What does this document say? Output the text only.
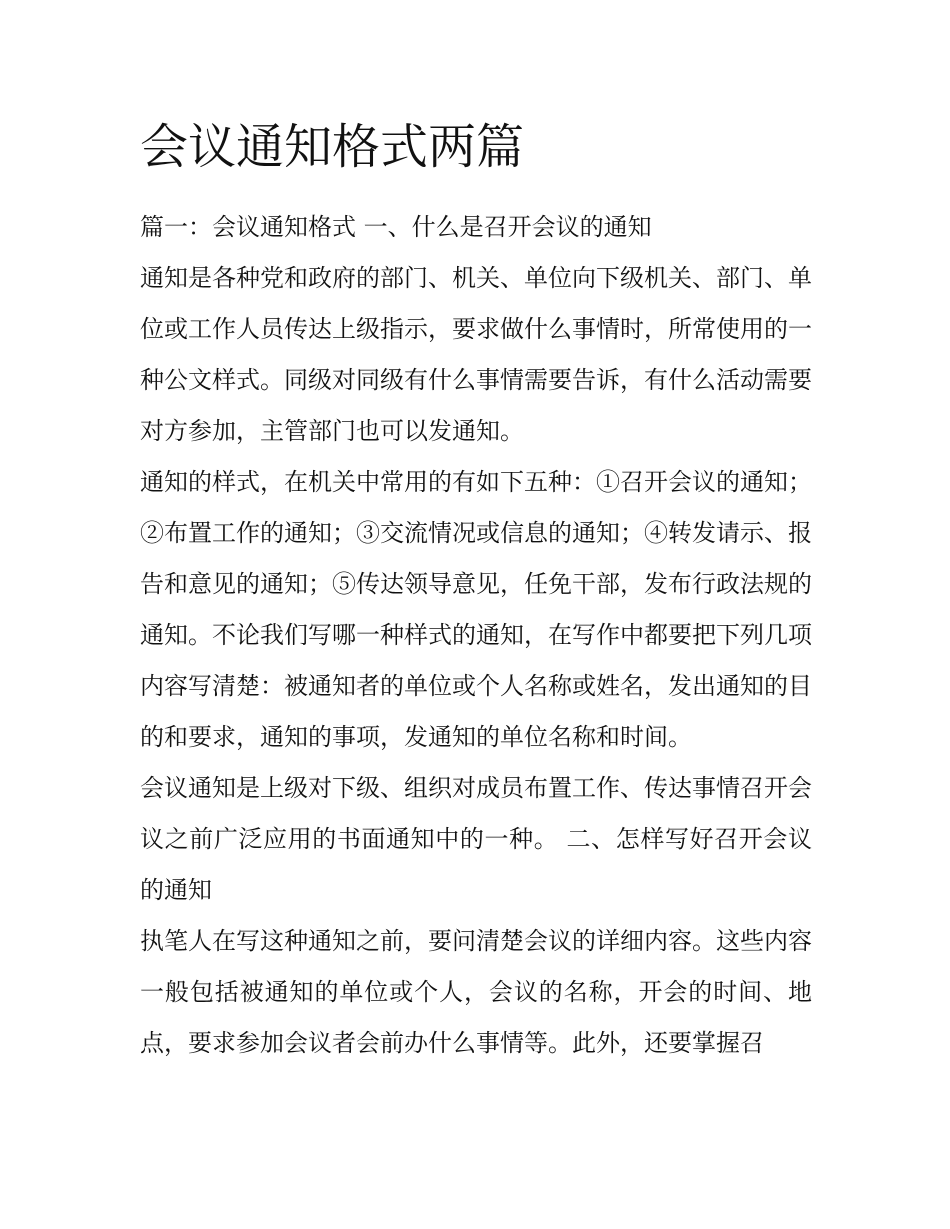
会议通知格式两篇

篇一：会议通知格式 一、什么是召开会议的通知

通知是各种党和政府的部门、机关、单位向下级机关、部门、单位或工作人员传达上级指示，要求做什么事情时，所常使用的一种公文样式。同级对同级有什么事情需要告诉，有什么活动需要对方参加，主管部门也可以发通知。

通知的样式，在机关中常用的有如下五种：①召开会议的通知；②布置工作的通知；③交流情况或信息的通知；④转发请示、报告和意见的通知；⑤传达领导意见，任免干部，发布行政法规的通知。不论我们写哪一种样式的通知，在写作中都要把下列几项内容写清楚：被通知者的单位或个人名称或姓名，发出通知的目的和要求，通知的事项，发通知的单位名称和时间。

会议通知是上级对下级、组织对成员布置工作、传达事情召开会议之前广泛应用的书面通知中的一种。 二、怎样写好召开会议的通知

执笔人在写这种通知之前，要问清楚会议的详细内容。这些内容一般包括被通知的单位或个人，会议的名称，开会的时间、地点，要求参加会议者会前办什么事情等。此外，还要掌握召
